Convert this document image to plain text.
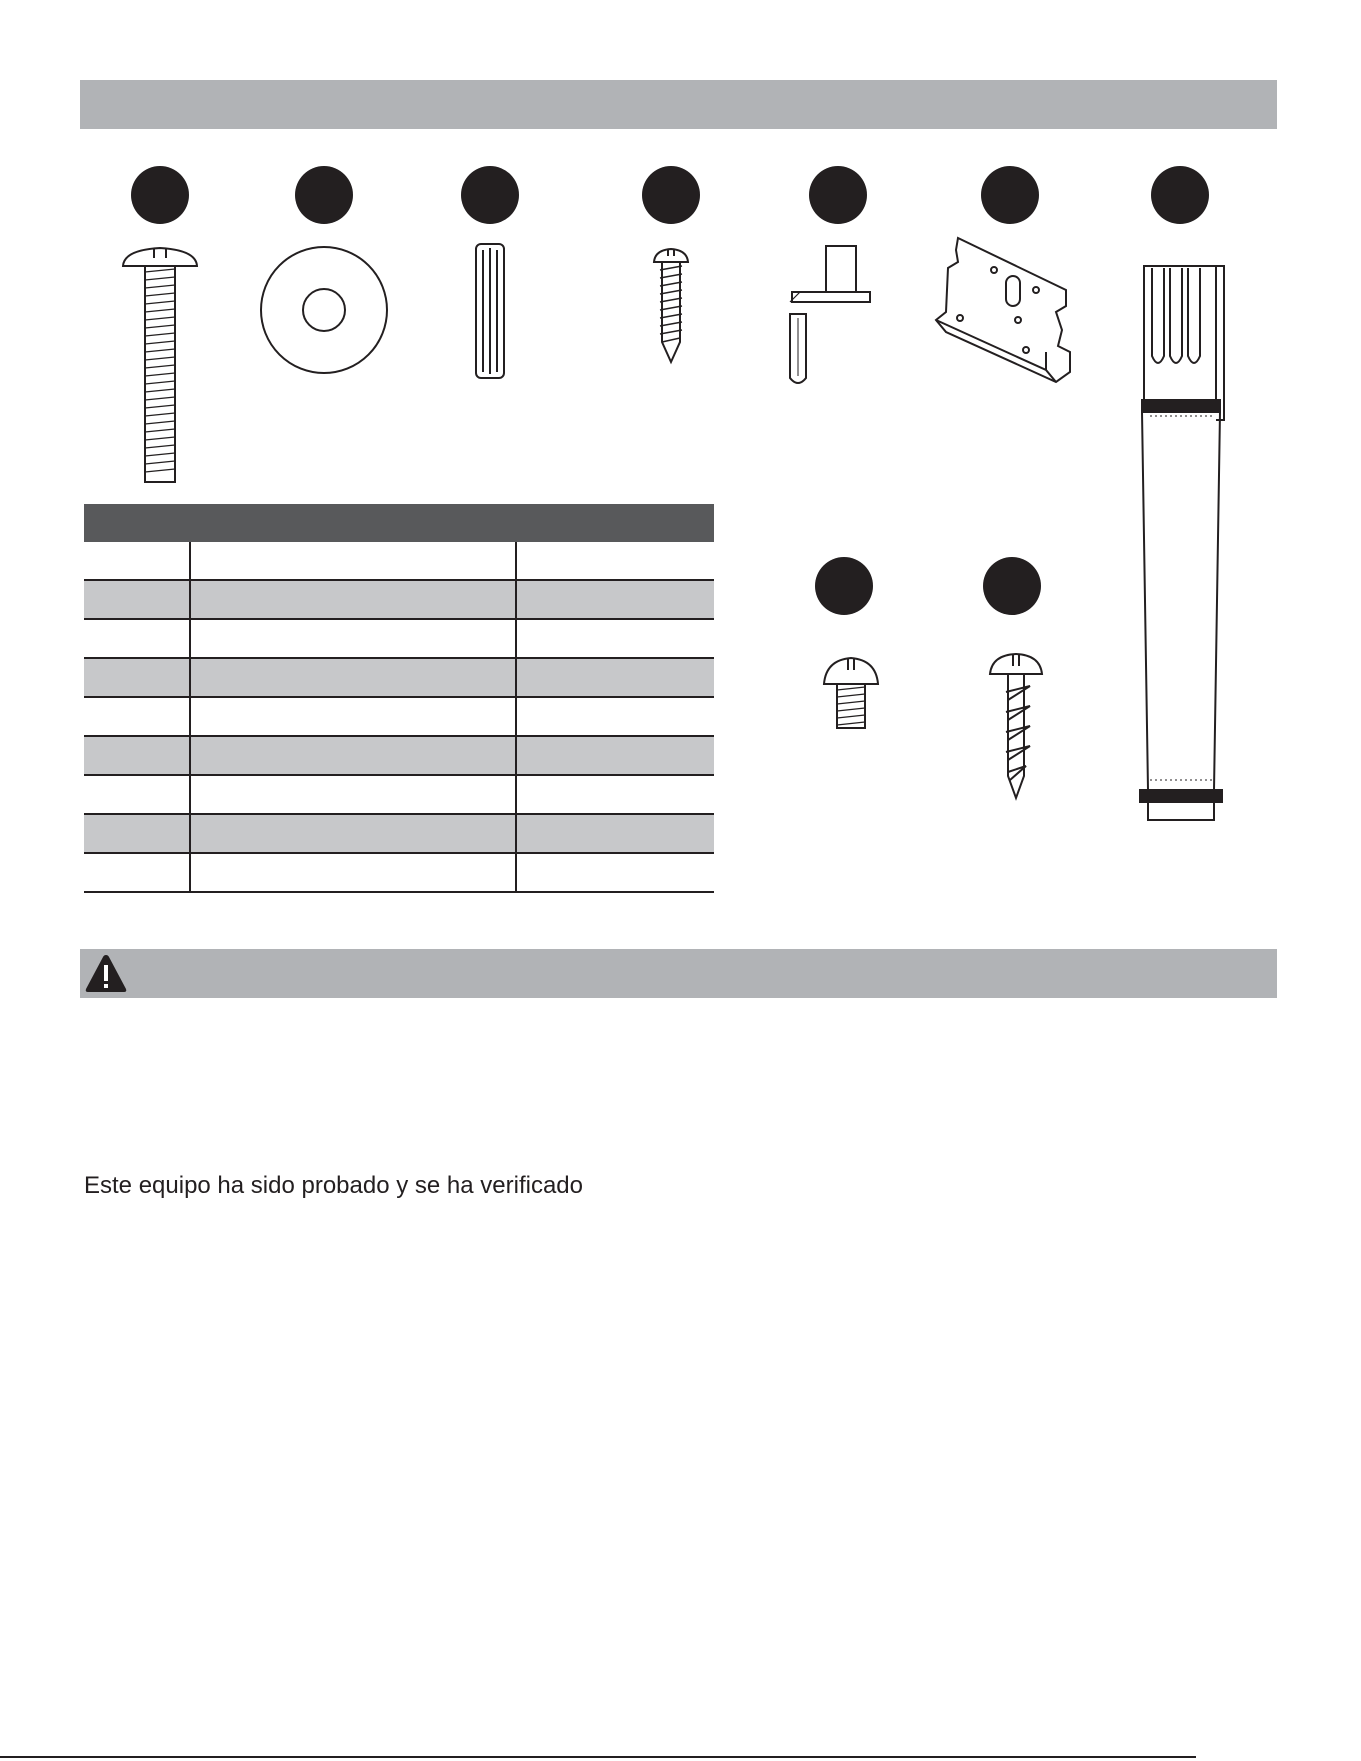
Este equipo ha sido probado y se ha verificado
